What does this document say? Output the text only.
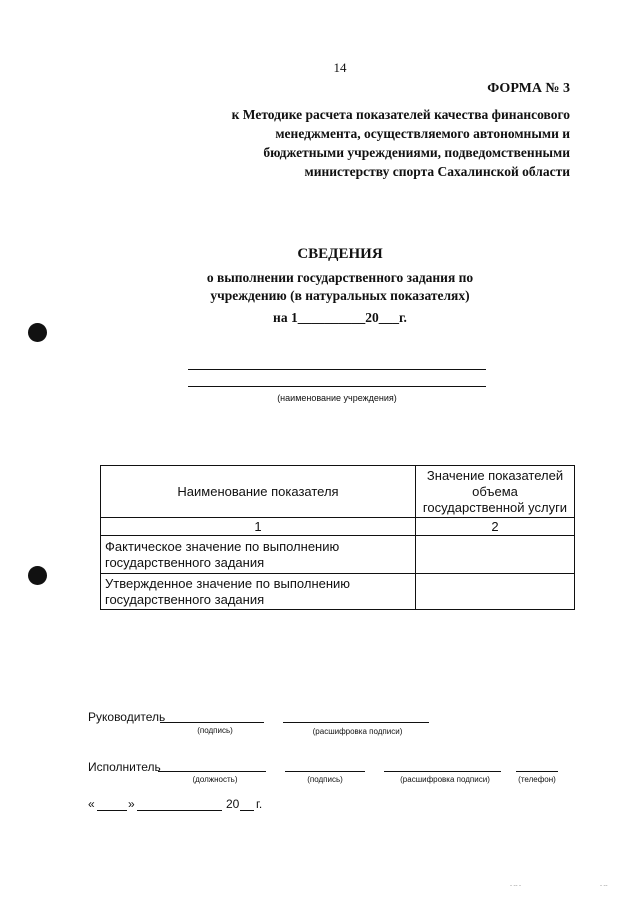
14
ФОРМА № 3
к Методике расчета показателей качества финансового
менеджмента, осуществляемого автономными и
бюджетными учреждениями, подведомственными
министерству спорта Сахалинской области
СВЕДЕНИЯ
о выполнении государственного задания по
учреждению (в натуральных показателях)
на 1__________20___г.
(наименование учреждения)
Наименование показателя	Значение показателей
объема
государственной услуги

1	2

Фактическое значение по выполнению
государственного задания	

Утвержденное значение по выполнению
государственного задания	

Руководитель
(подпись)	(расшифровка подписи)
Исполнитель
(должность)	(подпись)	(расшифровка подписи)	(телефон)
«	»	20 г.
- -- -	- --
